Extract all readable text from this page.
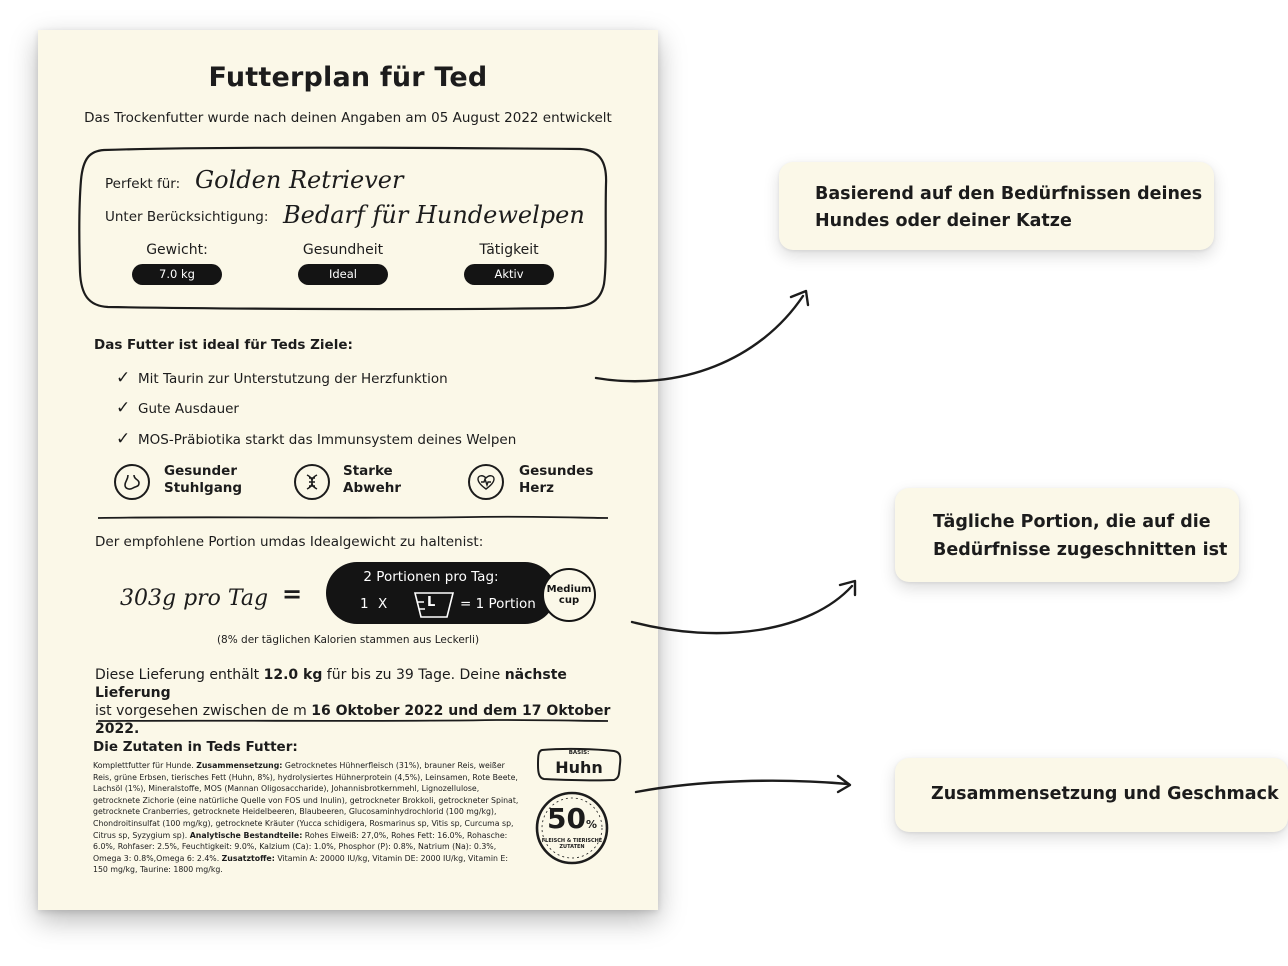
Futterplan für Ted
Das Trockenfutter wurde nach deinen Angaben am 05 August 2022 entwickelt
Perfekt für: Golden Retriever
Unter Berücksichtigung: Bedarf für Hundewelpen
Gewicht:
7.0 kg
Gesundheit
Ideal
Tätigkeit
Aktiv
Das Futter ist ideal für Teds Ziele:
✓ Mit Taurin zur Unterstutzung der Herzfunktion
✓ Gute Ausdauer
✓ MOS-Präbiotika starkt das Immunsystem deines Welpen
Gesunder
Stuhlgang
Starke
Abwehr
Gesundes
Herz
Der empfohlene Portion umdas Idealgewicht zu haltenist:
303g pro Tag =
2 Portionen pro Tag:
1 X	L = 1 Portion
Medium
cup
(8% der täglichen Kalorien stammen aus Leckerli)
Diese Lieferung enthält 12.0 kg für bis zu 39 Tage. Deine nächste Lieferung
ist vorgesehen zwischen de m 16 Oktober 2022 und dem 17 Oktober 2022.
Die Zutaten in Teds Futter:
Komplettfutter für Hunde. Zusammensetzung: Getrocknetes Hühnerfleisch (31%), brauner Reis, weißer Reis, grüne Erbsen, tierisches Fett (Huhn, 8%), hydrolysiertes Hühnerprotein (4,5%), Leinsamen, Rote Beete, Lachsöl (1%), Mineralstoffe, MOS (Mannan Oligosaccharide), Johannisbrotkernmehl, Lignozellulose, getrocknete Zichorie (eine natürliche Quelle von FOS und Inulin), getrockneter Brokkoli, getrockneter Spinat, getrocknete Cranberries, getrocknete Heidelbeeren, Blaubeeren, Glucosaminhydrochlorid (100 mg/kg), Chondroitinsulfat (100 mg/kg), getrocknete Kräuter (Yucca schidigera, Rosmarinus sp, Vitis sp, Curcuma sp, Citrus sp, Syzygium sp). Analytische Bestandteile: Rohes Eiweiß: 27,0%, Rohes Fett: 16.0%, Rohasche: 6.0%, Rohfaser: 2.5%, Feuchtigkeit: 9.0%, Kalzium (Ca): 1.0%, Phosphor (P): 0.8%, Natrium (Na): 0.3%, Omega 3: 0.8%,Omega 6: 2.4%. Zusatztoffe: Vitamin A: 20000 IU/kg, Vitamin DE: 2000 IU/kg, Vitamin E: 150 mg/kg, Taurine: 1800 mg/kg.
BASIS:
Huhn
50%
FLEISCH & TIERISCHE
ZUTATEN
Basierend auf den Bedürfnissen deines
Hundes oder deiner Katze
Tägliche Portion, die auf die
Bedürfnisse zugeschnitten ist
Zusammensetzung und Geschmack
